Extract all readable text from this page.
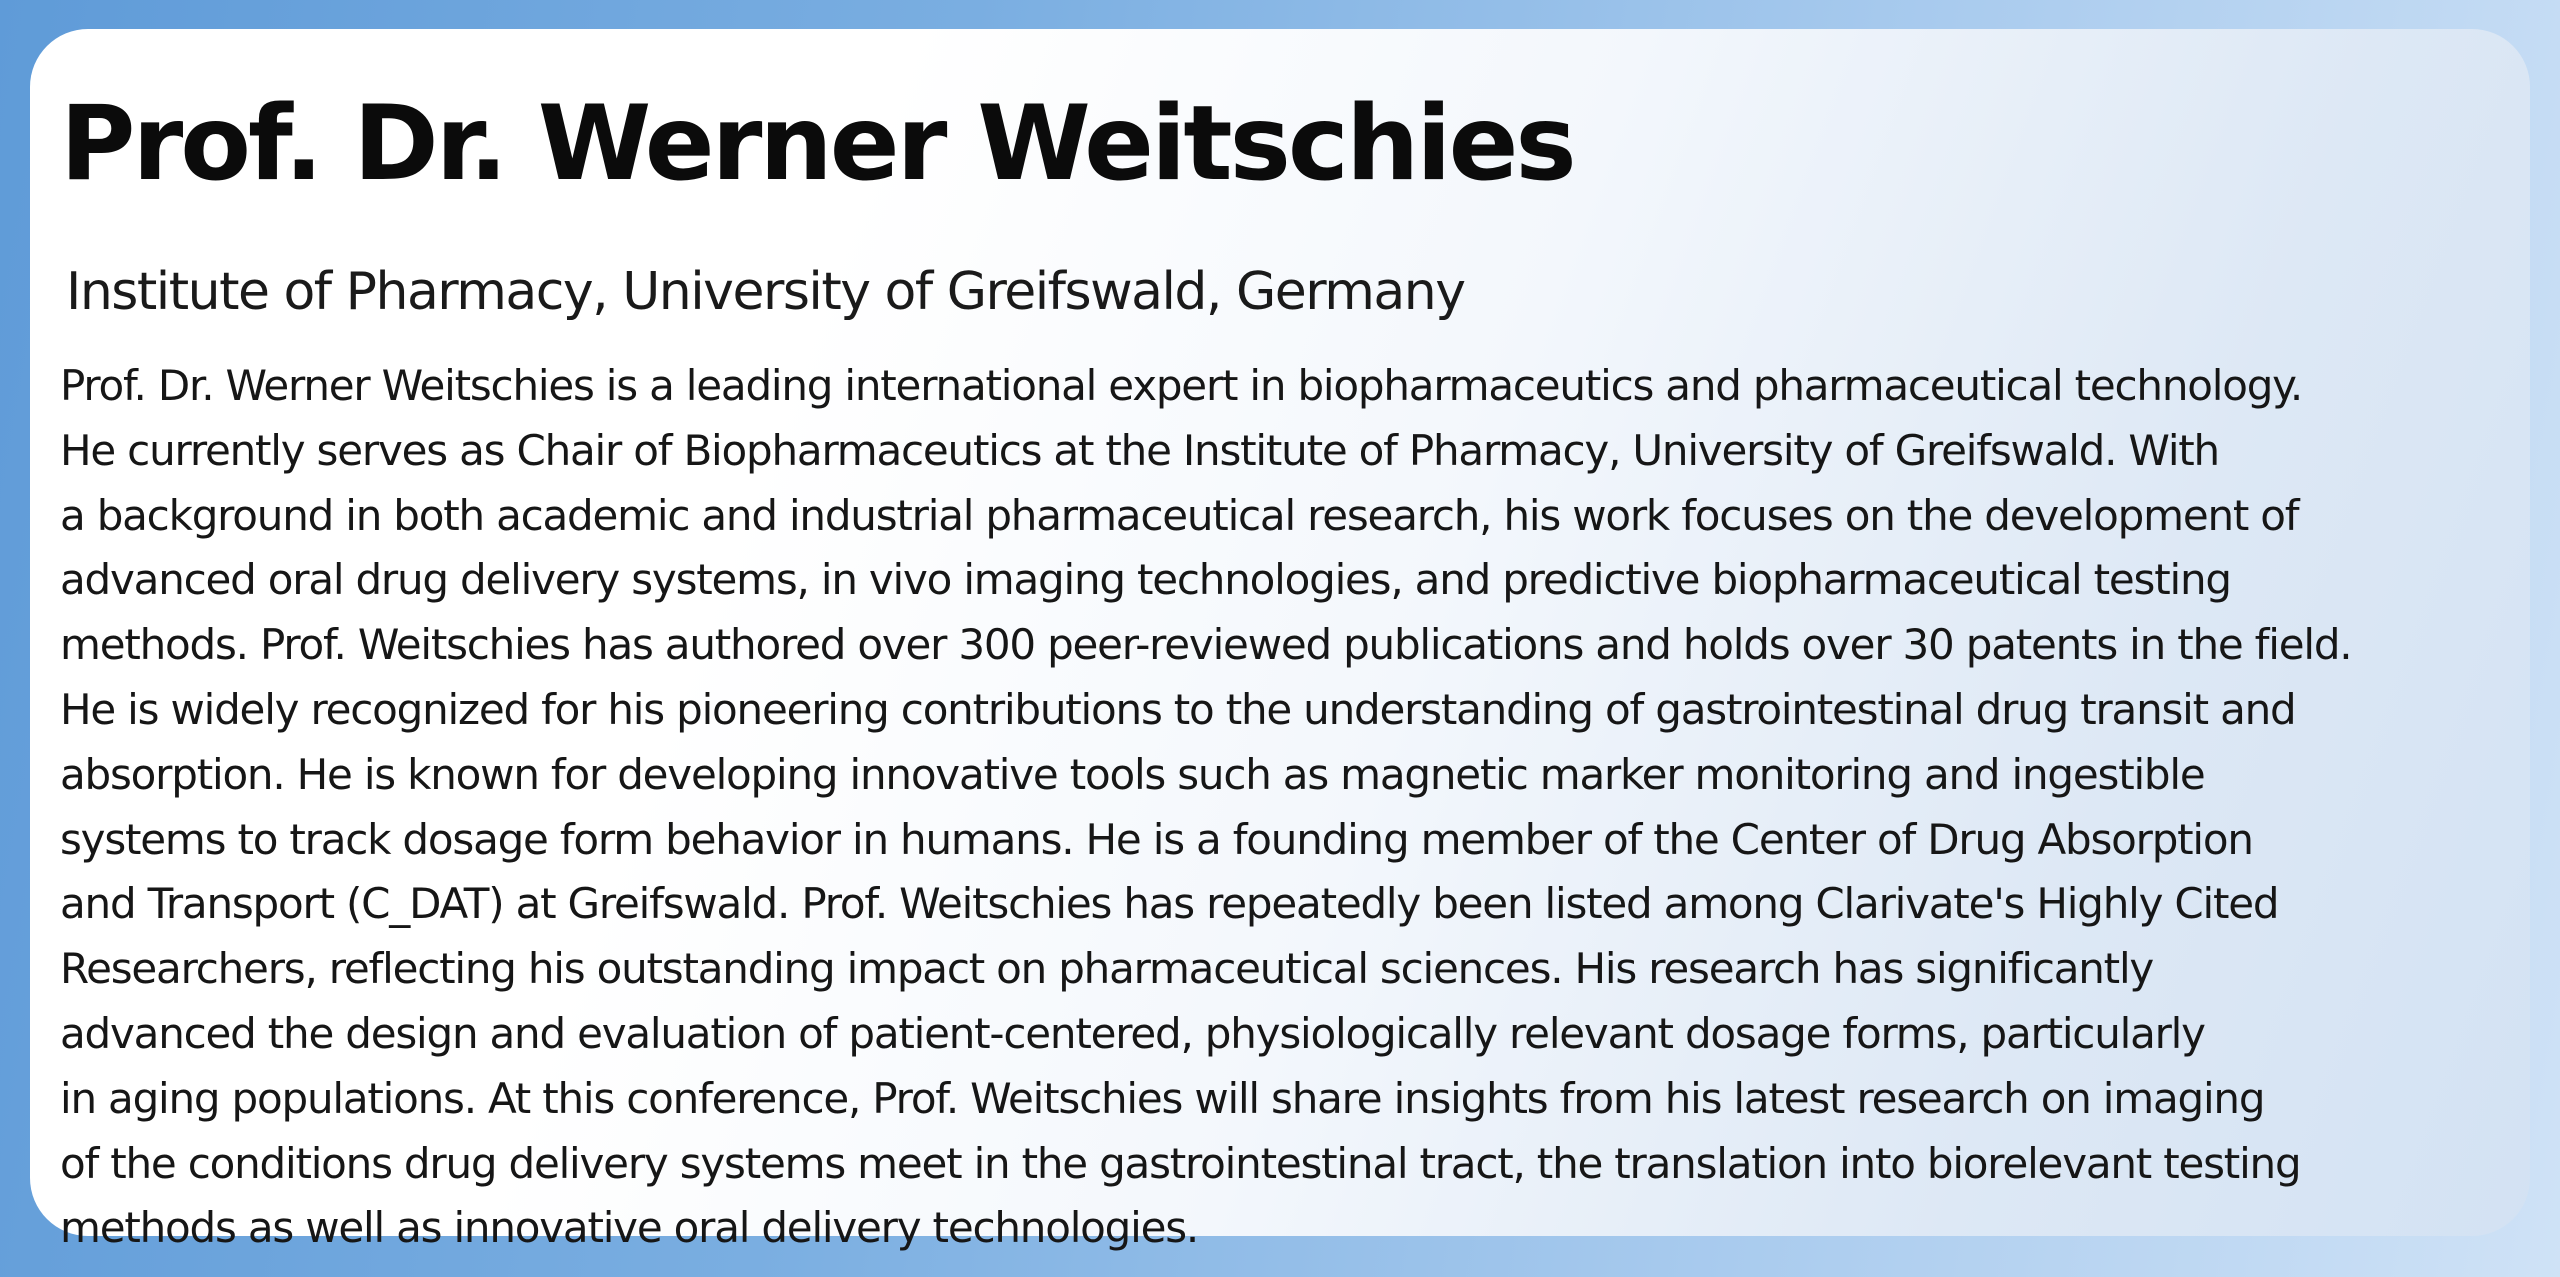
Prof. Dr. Werner Weitschies
Institute of Pharmacy, University of Greifswald, Germany
Prof. Dr. Werner Weitschies is a leading international expert in biopharmaceutics and pharmaceutical technology.
He currently serves as Chair of Biopharmaceutics at the Institute of Pharmacy, University of Greifswald. With
a background in both academic and industrial pharmaceutical research, his work focuses on the development of
advanced oral drug delivery systems, in vivo imaging technologies, and predictive biopharmaceutical testing
methods. Prof. Weitschies has authored over 300 peer-reviewed publications and holds over 30 patents in the field.
He is widely recognized for his pioneering contributions to the understanding of gastrointestinal drug transit and
absorption. He is known for developing innovative tools such as magnetic marker monitoring and ingestible
systems to track dosage form behavior in humans. He is a founding member of the Center of Drug Absorption
and Transport (C_DAT) at Greifswald. Prof. Weitschies has repeatedly been listed among Clarivate's Highly Cited
Researchers, reflecting his outstanding impact on pharmaceutical sciences. His research has significantly
advanced the design and evaluation of patient-centered, physiologically relevant dosage forms, particularly
in aging populations. At this conference, Prof. Weitschies will share insights from his latest research on imaging
of the conditions drug delivery systems meet in the gastrointestinal tract, the translation into biorelevant testing
methods as well as innovative oral delivery technologies.
